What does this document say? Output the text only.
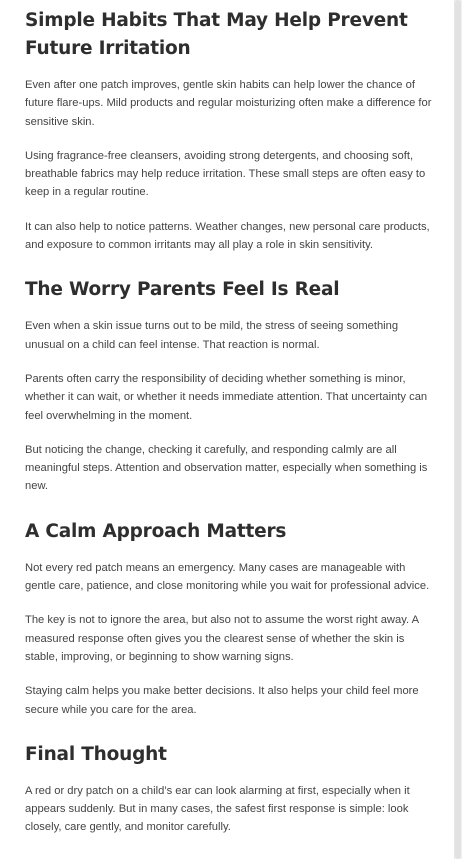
Simple Habits That May Help Prevent Future Irritation

Even after one patch improves, gentle skin habits can help lower the chance of future flare-ups. Mild products and regular moisturizing often make a difference for sensitive skin.

Using fragrance-free cleansers, avoiding strong detergents, and choosing soft, breathable fabrics may help reduce irritation. These small steps are often easy to keep in a regular routine.

It can also help to notice patterns. Weather changes, new personal care products, and exposure to common irritants may all play a role in skin sensitivity.

The Worry Parents Feel Is Real

Even when a skin issue turns out to be mild, the stress of seeing something unusual on a child can feel intense. That reaction is normal.

Parents often carry the responsibility of deciding whether something is minor, whether it can wait, or whether it needs immediate attention. That uncertainty can feel overwhelming in the moment.

But noticing the change, checking it carefully, and responding calmly are all meaningful steps. Attention and observation matter, especially when something is new.

A Calm Approach Matters

Not every red patch means an emergency. Many cases are manageable with gentle care, patience, and close monitoring while you wait for professional advice.

The key is not to ignore the area, but also not to assume the worst right away. A measured response often gives you the clearest sense of whether the skin is stable, improving, or beginning to show warning signs.

Staying calm helps you make better decisions. It also helps your child feel more secure while you care for the area.

Final Thought

A red or dry patch on a child’s ear can look alarming at first, especially when it appears suddenly. But in many cases, the safest first response is simple: look closely, care gently, and monitor carefully.
